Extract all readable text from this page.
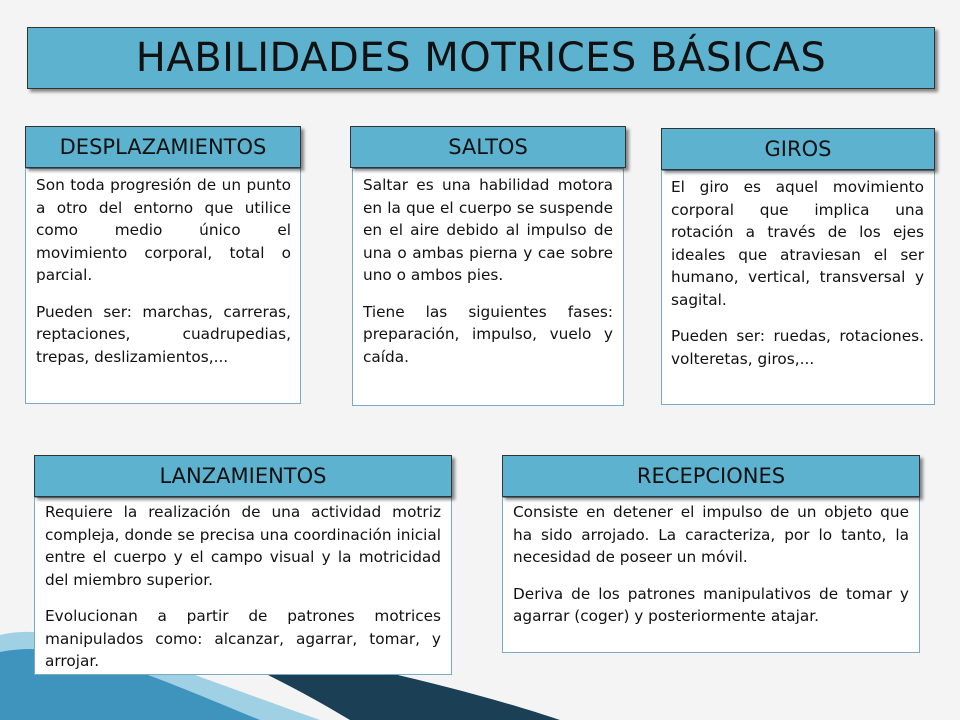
HABILIDADES MOTRICES BÁSICAS
DESPLAZAMIENTOS

Son toda progresión de un punto a otro del entorno que utilice como medio único el movimiento corporal, total o parcial.

Pueden ser: marchas, carreras, reptaciones, cuadrupedias, trepas, deslizamientos,...

SALTOS

Saltar es una habilidad motora en la que el cuerpo se suspende en el aire debido al impulso de una o ambas pierna y cae sobre uno o ambos pies.

Tiene las siguientes fases: preparación, impulso, vuelo y caída.

GIROS

El giro es aquel movimiento corporal que implica una rotación a través de los ejes ideales que atraviesan el ser humano, vertical, transversal y sagital.

Pueden ser: ruedas, rotaciones. volteretas, giros,...

LANZAMIENTOS

Requiere la realización de una actividad motriz compleja, donde se precisa una coordinación inicial entre el cuerpo y el campo visual y la motricidad del miembro superior.

Evolucionan a partir de patrones motrices manipulados como: alcanzar, agarrar, tomar, y arrojar.

RECEPCIONES

Consiste en detener el impulso de un objeto que ha sido arrojado. La caracteriza, por lo tanto, la necesidad de poseer un móvil.

Deriva de los patrones manipulativos de tomar y agarrar (coger) y posteriormente atajar.
